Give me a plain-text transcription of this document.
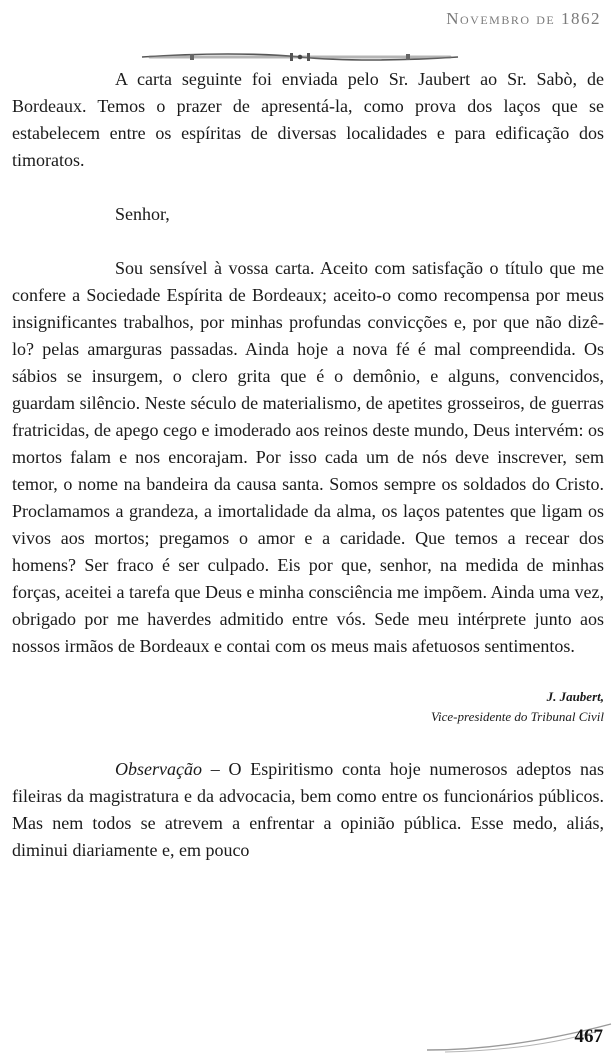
Novembro de 1862

A carta seguinte foi enviada pelo Sr. Jaubert ao Sr. Sabò, de Bordeaux. Temos o prazer de apresentá-la, como prova dos laços que se estabelecem entre os espíritas de diversas localidades e para edificação dos timoratos.

Senhor,

Sou sensível à vossa carta. Aceito com satisfação o título que me confere a Sociedade Espírita de Bordeaux; aceito-o como recompensa por meus insignificantes trabalhos, por minhas profundas convicções e, por que não dizê-lo? pelas amarguras passadas. Ainda hoje a nova fé é mal compreendida. Os sábios se insurgem, o clero grita que é o demônio, e alguns, convencidos, guardam silêncio. Neste século de materialismo, de apetites grosseiros, de guerras fratricidas, de apego cego e imoderado aos reinos deste mundo, Deus intervém: os mortos falam e nos encorajam. Por isso cada um de nós deve inscrever, sem temor, o nome na bandeira da causa santa. Somos sempre os soldados do Cristo. Proclamamos a grandeza, a imortalidade da alma, os laços patentes que ligam os vivos aos mortos; pregamos o amor e a caridade. Que temos a recear dos homens? Ser fraco é ser culpado. Eis por que, senhor, na medida de minhas forças, aceitei a tarefa que Deus e minha consciência me impõem. Ainda uma vez, obrigado por me haverdes admitido entre vós. Sede meu intérprete junto aos nossos irmãos de Bordeaux e contai com os meus mais afetuosos sentimentos.

J. Jaubert,
Vice-presidente do Tribunal Civil

Observação – O Espiritismo conta hoje numerosos adeptos nas fileiras da magistratura e da advocacia, bem como entre os funcionários públicos. Mas nem todos se atrevem a enfrentar a opinião pública. Esse medo, aliás, diminui diariamente e, em pouco

467
